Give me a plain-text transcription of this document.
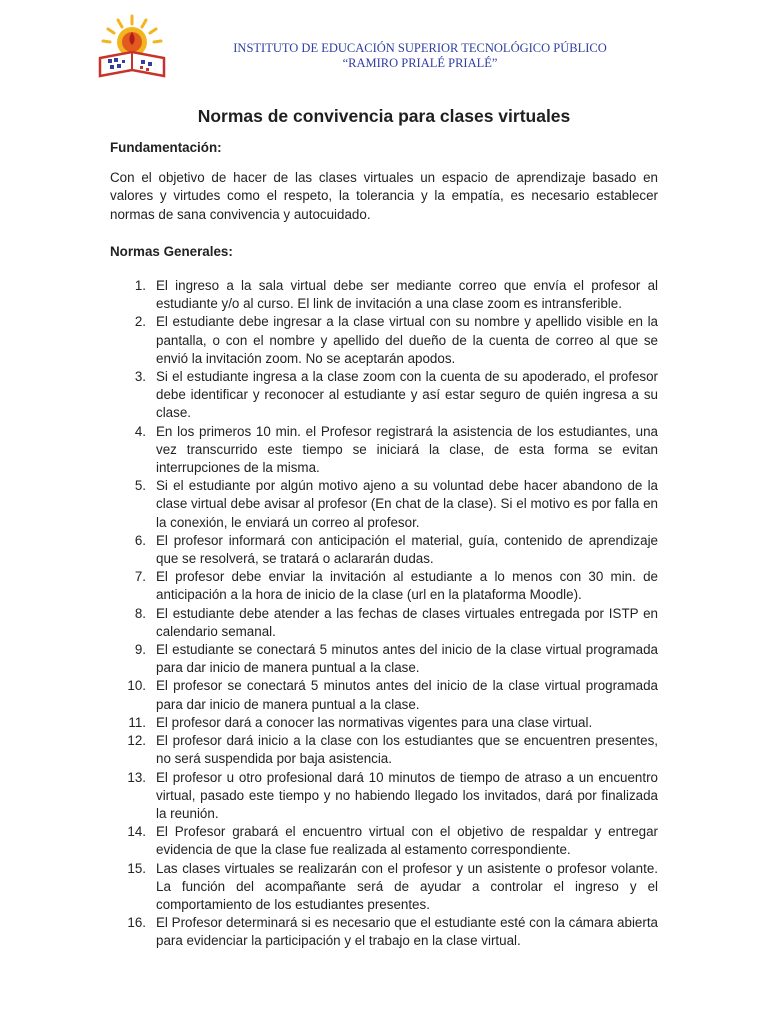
INSTITUTO DE EDUCACIÓN SUPERIOR TECNOLÓGICO PÚBLICO
“RAMIRO PRIALÉ PRIALÉ”
Normas de convivencia para clases virtuales

Fundamentación:

Con el objetivo de hacer de las clases virtuales un espacio de aprendizaje basado en valores y virtudes como el respeto, la tolerancia y la empatía, es necesario establecer normas de sana convivencia y autocuidado.

Normas Generales:

1. El ingreso a la sala virtual debe ser mediante correo que envía el profesor al estudiante y/o al curso. El link de invitación a una clase zoom es intransferible.
2. El estudiante debe ingresar a la clase virtual con su nombre y apellido visible en la pantalla, o con el nombre y apellido del dueño de la cuenta de correo al que se envió la invitación zoom. No se aceptarán apodos.
3. Si el estudiante ingresa a la clase zoom con la cuenta de su apoderado, el profesor debe identificar y reconocer al estudiante y así estar seguro de quién ingresa a su clase.
4. En los primeros 10 min. el Profesor registrará la asistencia de los estudiantes, una vez transcurrido este tiempo se iniciará la clase, de esta forma se evitan interrupciones de la misma.
5. Si el estudiante por algún motivo ajeno a su voluntad debe hacer abandono de la clase virtual debe avisar al profesor (En chat de la clase). Si el motivo es por falla en la conexión, le enviará un correo al profesor.
6. El profesor informará con anticipación el material, guía, contenido de aprendizaje que se resolverá, se tratará o aclararán dudas.
7. El profesor debe enviar la invitación al estudiante a lo menos con 30 min. de anticipación a la hora de inicio de la clase (url en la plataforma Moodle).
8. El estudiante debe atender a las fechas de clases virtuales entregada por ISTP en calendario semanal.
9. El estudiante se conectará 5 minutos antes del inicio de la clase virtual programada para dar inicio de manera puntual a la clase.
10. El profesor se conectará 5 minutos antes del inicio de la clase virtual programada para dar inicio de manera puntual a la clase.
11. El profesor dará a conocer las normativas vigentes para una clase virtual.
12. El profesor dará inicio a la clase con los estudiantes que se encuentren presentes, no será suspendida por baja asistencia.
13. El profesor u otro profesional dará 10 minutos de tiempo de atraso a un encuentro virtual, pasado este tiempo y no habiendo llegado los invitados, dará por finalizada la reunión.
14. El Profesor grabará el encuentro virtual con el objetivo de respaldar y entregar evidencia de que la clase fue realizada al estamento correspondiente.
15. Las clases virtuales se realizarán con el profesor y un asistente o profesor volante. La función del acompañante será de ayudar a controlar el ingreso y el comportamiento de los estudiantes presentes.
16. El Profesor determinará si es necesario que el estudiante esté con la cámara abierta para evidenciar la participación y el trabajo en la clase virtual.
